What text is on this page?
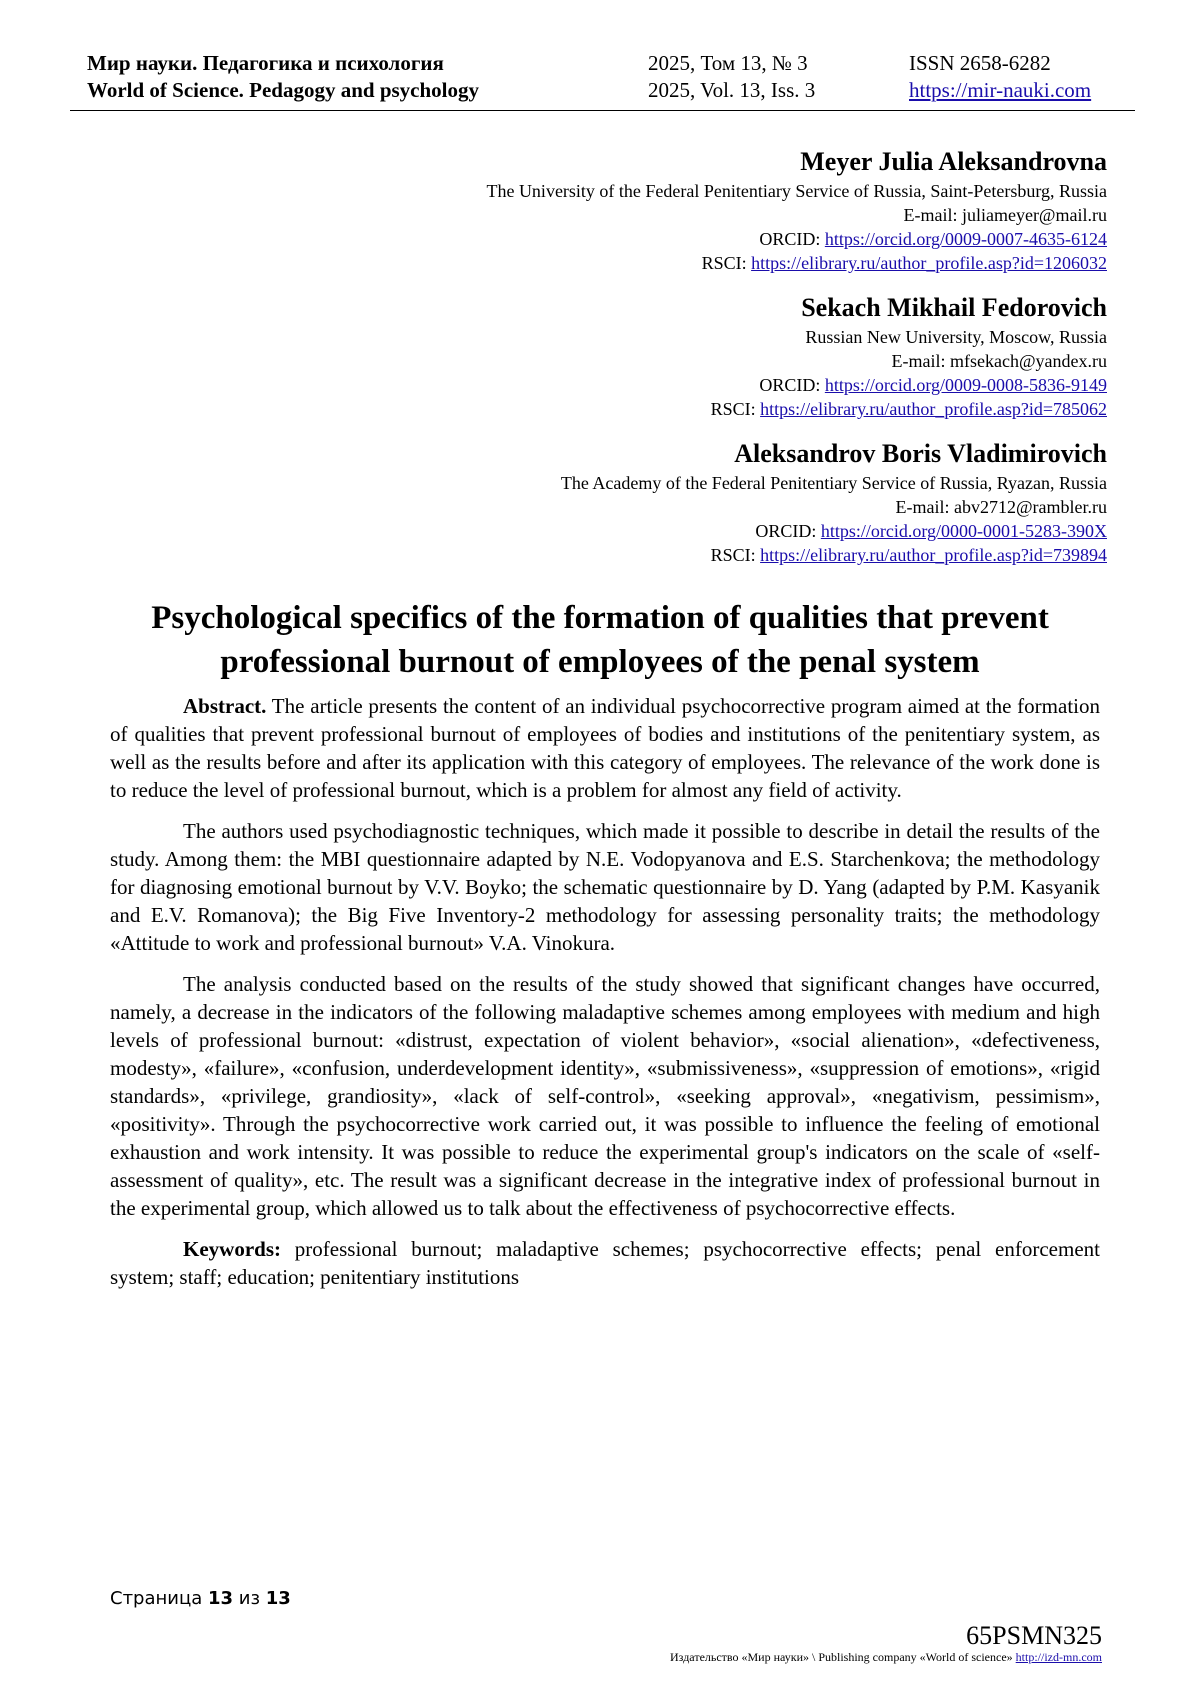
Мир науки. Педагогика и психология	2025, Том 13, № 3	ISSN 2658-6282
World of Science. Pedagogy and psychology	2025, Vol. 13, Iss. 3	https://mir-nauki.com
Meyer Julia Aleksandrovna
The University of the Federal Penitentiary Service of Russia, Saint-Petersburg, Russia
E-mail: juliameyer@mail.ru
ORCID: https://orcid.org/0009-0007-4635-6124
RSCI: https://elibrary.ru/author_profile.asp?id=1206032
Sekach Mikhail Fedorovich
Russian New University, Moscow, Russia
E-mail: mfsekach@yandex.ru
ORCID: https://orcid.org/0009-0008-5836-9149
RSCI: https://elibrary.ru/author_profile.asp?id=785062
Aleksandrov Boris Vladimirovich
The Academy of the Federal Penitentiary Service of Russia, Ryazan, Russia
E-mail: abv2712@rambler.ru
ORCID: https://orcid.org/0000-0001-5283-390X
RSCI: https://elibrary.ru/author_profile.asp?id=739894
Psychological specifics of the formation of qualities that prevent professional burnout of employees of the penal system

Abstract. The article presents the content of an individual psychocorrective program aimed at the formation of qualities that prevent professional burnout of employees of bodies and institutions of the penitentiary system, as well as the results before and after its application with this category of employees. The relevance of the work done is to reduce the level of professional burnout, which is a problem for almost any field of activity.

The authors used psychodiagnostic techniques, which made it possible to describe in detail the results of the study. Among them: the MBI questionnaire adapted by N.E. Vodopyanova and E.S. Starchenkova; the methodology for diagnosing emotional burnout by V.V. Boyko; the schematic questionnaire by D. Yang (adapted by P.M. Kasyanik and E.V. Romanova); the Big Five Inventory-2 methodology for assessing personality traits; the methodology «Attitude to work and professional burnout» V.A. Vinokura.

The analysis conducted based on the results of the study showed that significant changes have occurred, namely, a decrease in the indicators of the following maladaptive schemes among employees with medium and high levels of professional burnout: «distrust, expectation of violent behavior», «social alienation», «defectiveness, modesty», «failure», «confusion, underdevelopment identity», «submissiveness», «suppression of emotions», «rigid standards», «privilege, grandiosity», «lack of self-control», «seeking approval», «negativism, pessimism», «positivity». Through the psychocorrective work carried out, it was possible to influence the feeling of emotional exhaustion and work intensity. It was possible to reduce the experimental group's indicators on the scale of «self-assessment of quality», etc. The result was a significant decrease in the integrative index of professional burnout in the experimental group, which allowed us to talk about the effectiveness of psychocorrective effects.

Keywords: professional burnout; maladaptive schemes; psychocorrective effects; penal enforcement system; staff; education; penitentiary institutions

Страница 13 из 13
65PSMN325
Издательство «Мир науки» \ Publishing company «World of science» http://izd-mn.com
